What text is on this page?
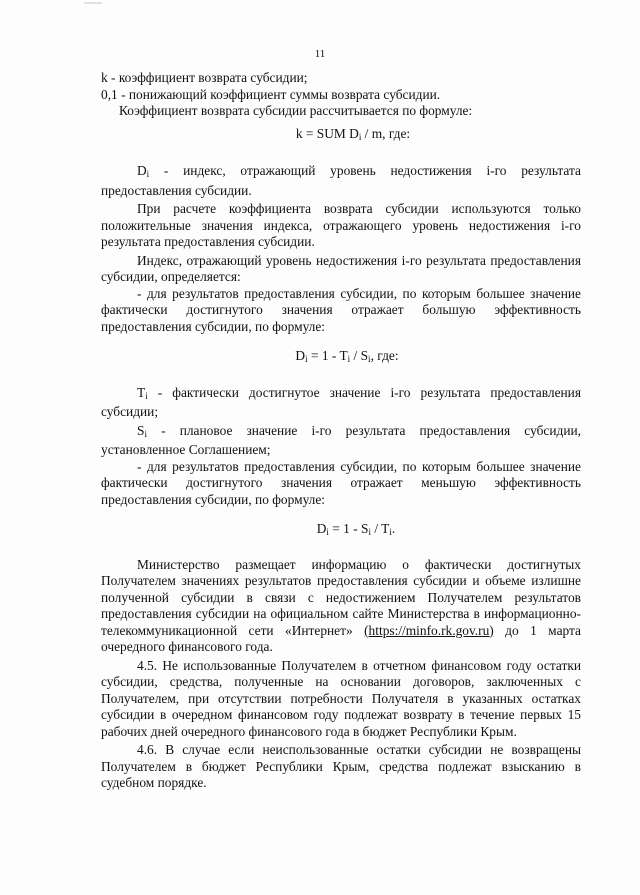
11

k - коэффициент возврата субсидии;

0,1 - понижающий коэффициент суммы возврата субсидии.

Коэффициент возврата субсидии рассчитывается по формуле:

k = SUM $D_i$ / m, где:

$D_i$ - индекс, отражающий уровень недостижения i-го результата предоставления субсидии.

При расчете коэффициента возврата субсидии используются только положительные значения индекса, отражающего уровень недостижения i-го результата предоставления субсидии.

Индекс, отражающий уровень недостижения i-го результата предоставления субсидии, определяется:

- для результатов предоставления субсидии, по которым большее значение фактически достигнутого значения отражает большую эффективность предоставления субсидии, по формуле:

$D_i = 1 - T_i / S_i$, где:

$T_i$ - фактически достигнутое значение i-го результата предоставления субсидии;

$S_i$ - плановое значение i-го результата предоставления субсидии, установленное Соглашением;

- для результатов предоставления субсидии, по которым большее значение фактически достигнутого значения отражает меньшую эффективность предоставления субсидии, по формуле:

$D_i = 1 - S_i / T_i$.

Министерство размещает информацию о фактически достигнутых Получателем значениях результатов предоставления субсидии и объеме излишне полученной субсидии в связи с недостижением Получателем результатов предоставления субсидии на официальном сайте Министерства в информационно-телекоммуникационной сети «Интернет» (https://minfo.rk.gov.ru) до 1 марта очередного финансового года.

4.5. Не использованные Получателем в отчетном финансовом году остатки субсидии, средства, полученные на основании договоров, заключенных с Получателем, при отсутствии потребности Получателя в указанных остатках субсидии в очередном финансовом году подлежат возврату в течение первых 15 рабочих дней очередного финансового года в бюджет Республики Крым.

4.6. В случае если неиспользованные остатки субсидии не возвращены Получателем в бюджет Республики Крым, средства подлежат взысканию в судебном порядке.
